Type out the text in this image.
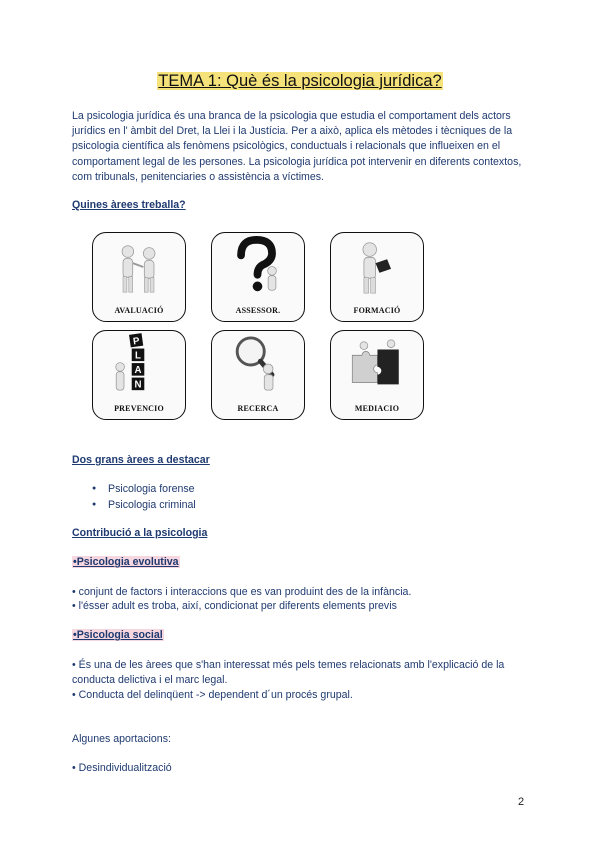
TEMA 1: Què és la psicologia jurídica?

La psicologia jurídica és una branca de la psicologia que estudia el comportament dels actors jurídics en l' àmbit del Dret, la Llei i la Justícia. Per a això, aplica els mètodes i tècniques de la psicologia científica als fenòmens psicològics, conductuals i relacionals que influeixen en el comportament legal de les persones. La psicologia jurídica pot intervenir en diferents contextos, com tribunals, penitenciaries o assistència a víctimes.

Quines àrees treballa?

AVALUACIÓ	ASSESSOR.	FORMACIÓ
P
L
A
N
PREVENCIO	RECERCA	MEDIACIO

Dos grans àrees a destacar

● Psicologia forense
● Psicologia criminal

Contribució a la psicologia

•Psicologia evolutiva

• conjunt de factors i interaccions que es van produint des de la infància.

• l'ésser adult es troba, així, condicionat per diferents elements previs

•Psicologia social

• És una de les àrees que s'han interessat més pels temes relacionats amb l'explicació de la conducta delictiva i el marc legal.

• Conducta del delinqüent -> dependent d´un procés grupal.

Algunes aportacions:

• Desindividualització

2
